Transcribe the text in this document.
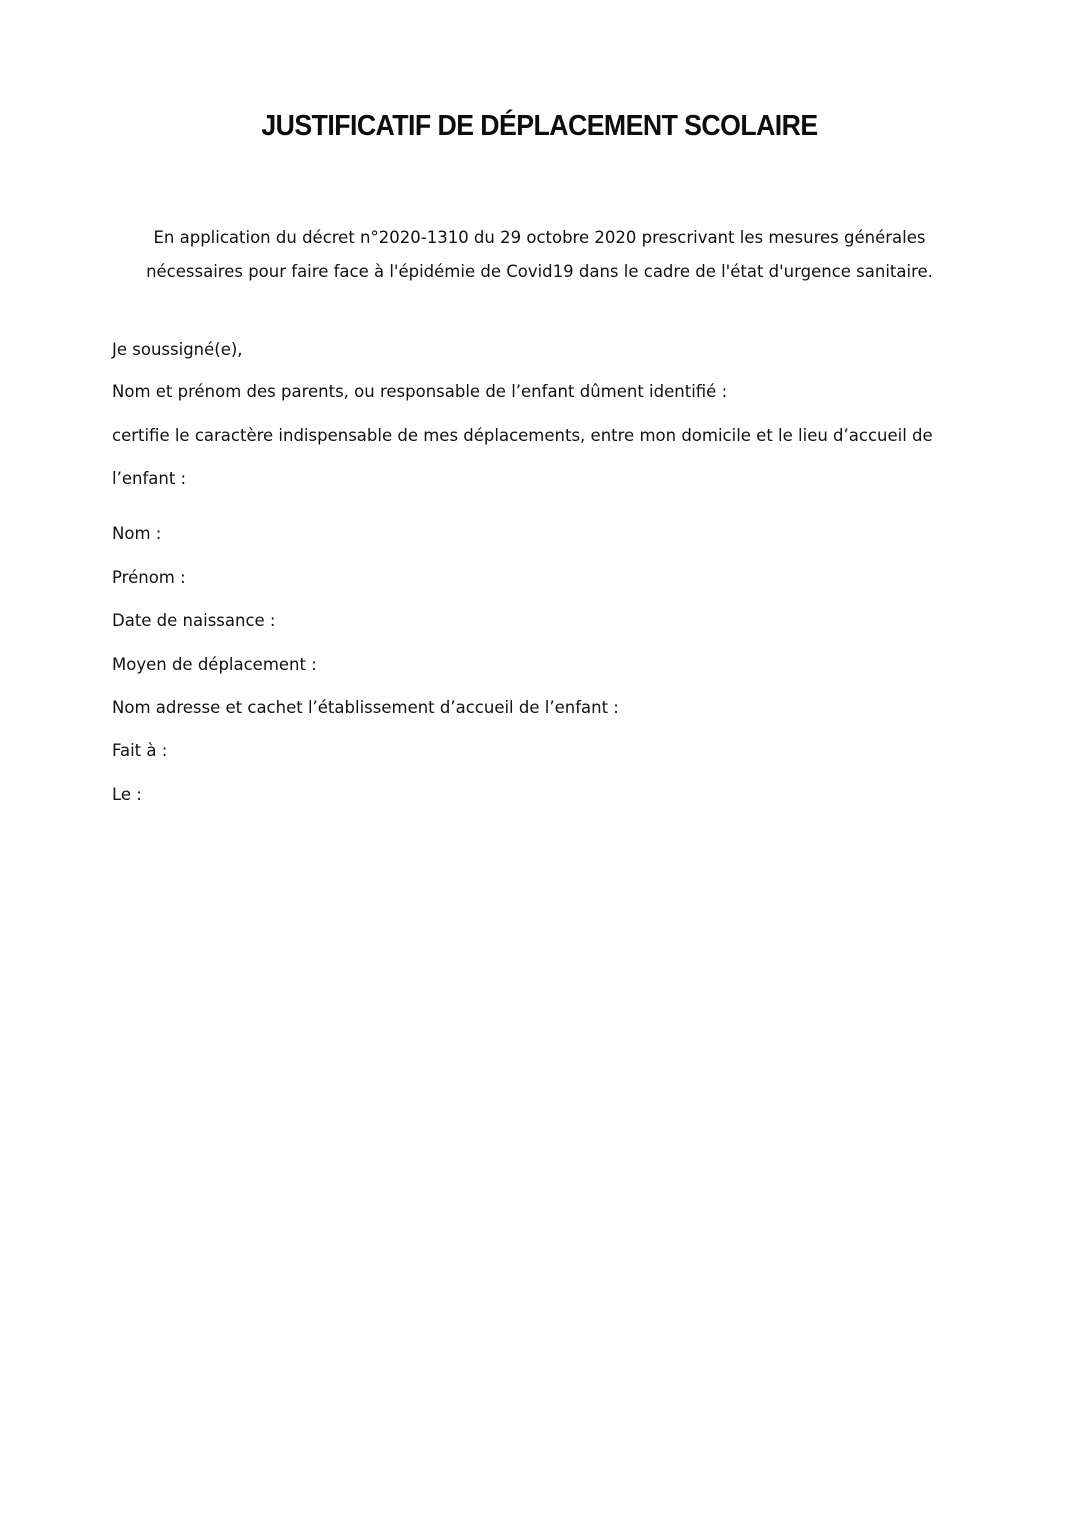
JUSTIFICATIF DE DÉPLACEMENT SCOLAIRE
En application du décret n°2020-1310 du 29 octobre 2020 prescrivant les mesures générales
nécessaires pour faire face à l'épidémie de Covid19 dans le cadre de l'état d'urgence sanitaire.
Je soussigné(e),
Nom et prénom des parents, ou responsable de l’enfant dûment identifié :
certifie le caractère indispensable de mes déplacements, entre mon domicile et le lieu d’accueil de
l’enfant :
Nom :
Prénom :
Date de naissance :
Moyen de déplacement :
Nom adresse et cachet l’établissement d’accueil de l’enfant :
Fait à :
Le :
